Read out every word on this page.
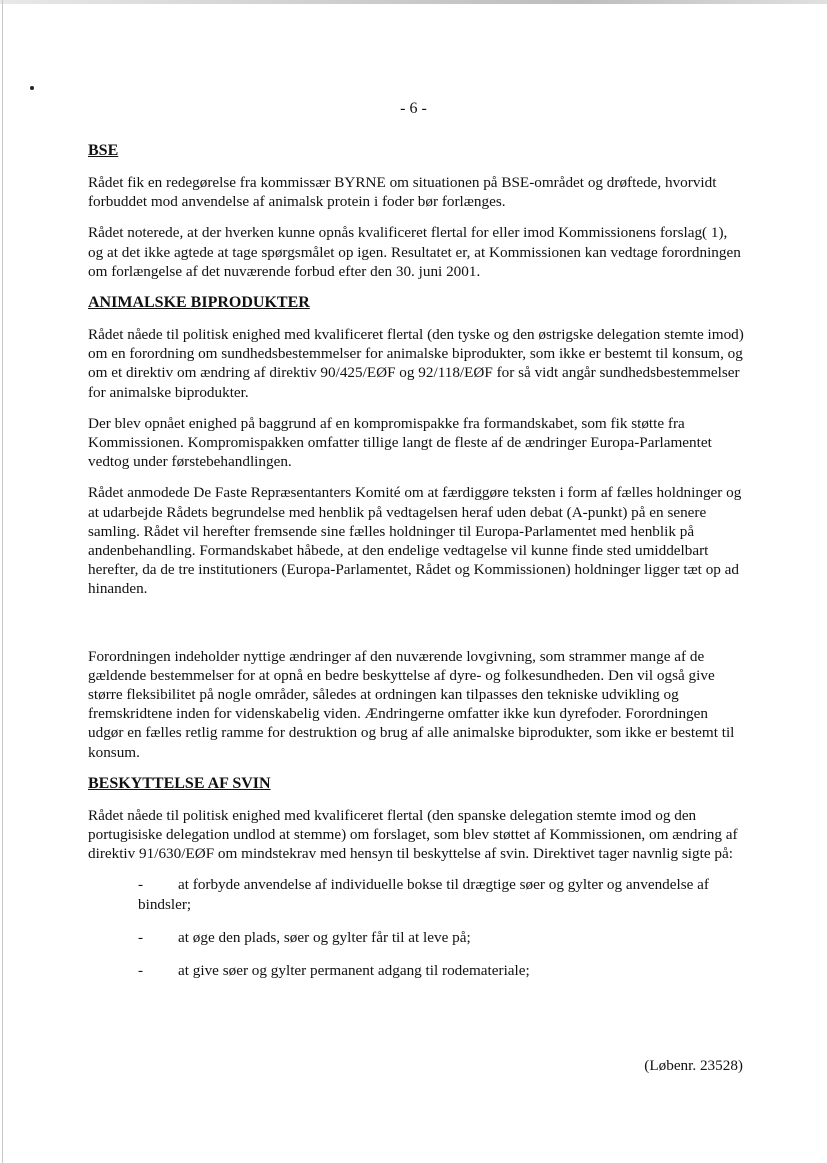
- 6 -
BSE

Rådet fik en redegørelse fra kommissær BYRNE om situationen på BSE-området og drøftede, hvorvidt forbuddet mod anvendelse af animalsk protein i foder bør forlænges.

Rådet noterede, at der hverken kunne opnås kvalificeret flertal for eller imod Kommissionens forslag( 1), og at det ikke agtede at tage spørgsmålet op igen. Resultatet er, at Kommissionen kan vedtage forordningen om forlængelse af det nuværende forbud efter den 30. juni 2001.

ANIMALSKE BIPRODUKTER

Rådet nåede til politisk enighed med kvalificeret flertal (den tyske og den østrigske delegation stemte imod) om en forordning om sundhedsbestemmelser for animalske biprodukter, som ikke er bestemt til konsum, og om et direktiv om ændring af direktiv 90/425/EØF og 92/118/EØF for så vidt angår sundhedsbestemmelser for animalske biprodukter.

Der blev opnået enighed på baggrund af en kompromispakke fra formandskabet, som fik støtte fra Kommissionen. Kompromispakken omfatter tillige langt de fleste af de ændringer Europa-Parlamentet vedtog under førstebehandlingen.

Rådet anmodede De Faste Repræsentanters Komité om at færdiggøre teksten i form af fælles holdninger og at udarbejde Rådets begrundelse med henblik på vedtagelsen heraf uden debat (A-punkt) på en senere samling. Rådet vil herefter fremsende sine fælles holdninger til Europa-Parlamentet med henblik på andenbehandling. Formandskabet håbede, at den endelige vedtagelse vil kunne finde sted umiddelbart herefter, da de tre institutioners (Europa-Parlamentet, Rådet og Kommissionen) holdninger ligger tæt op ad hinanden.

Forordningen indeholder nyttige ændringer af den nuværende lovgivning, som strammer mange af de gældende bestemmelser for at opnå en bedre beskyttelse af dyre- og folkesundheden. Den vil også give større fleksibilitet på nogle områder, således at ordningen kan tilpasses den tekniske udvikling og fremskridtene inden for videnskabelig viden. Ændringerne omfatter ikke kun dyrefoder. Forordningen udgør en fælles retlig ramme for destruktion og brug af alle animalske biprodukter, som ikke er bestemt til konsum.

BESKYTTELSE AF SVIN

Rådet nåede til politisk enighed med kvalificeret flertal (den spanske delegation stemte imod og den portugisiske delegation undlod at stemme) om forslaget, som blev støttet af Kommissionen, om ændring af direktiv 91/630/EØF om mindstekrav med hensyn til beskyttelse af svin. Direktivet tager navnlig sigte på:

-	at forbyde anvendelse af individuelle bokse til drægtige søer og gylter og anvendelse af bindsler;
-	at øge den plads, søer og gylter får til at leve på;
-	at give søer og gylter permanent adgang til rodemateriale;
(Løbenr. 23528)
